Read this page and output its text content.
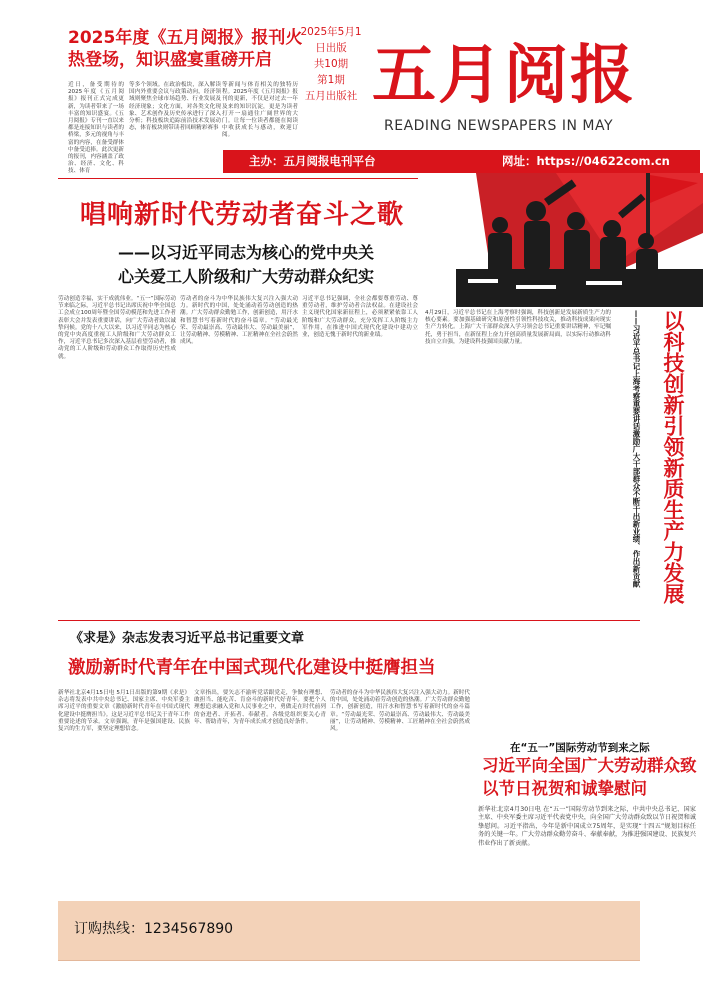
2025年度《五月阅报》报刊火热登场，知识盛宴重磅开启
近日，备受期待的2025年度《五月阅报》报刊正式完成更新，为读者带来了一场丰富的知识盛宴。《五月阅报》专刊一直以来都是连接知识与读者的桥梁，多元的视角与丰富的内容，在备受群体中备受追捧。此次更新的报刊，内容涵盖了政治、经济、文化、科技、体育
等多个领域。在政治板块，深入解读国内外重要会议与政策动向，经济领域则聚焦全球市场趋势、行业发展及经济现象；文化方面，对各类文化现象、艺术创作及历史传承进行了深入分析；科技板块追踪前沿技术发展动态，体育板块则带读者回顾精彩赛事
等新闻与体育相关的独特历程。2025年度《五月阅报》报刊的更新，不仅是对过去一年及来的知识沉淀，更是为读者打开一扇通往广阔世界的大门。让每一位读者都能在阅读中收获成长与感动，欢迎订阅。
2025年5月1日出版
共10期
第1期
五月出版社 五月阅报
READING NEWSPAPERS IN MAY
主办：五月阅报电刊平台	网址：https://04622com.cn
唱响新时代劳动者奋斗之歌
——以习近平同志为核心的党中央关
心关爱工人阶级和广大劳动群众纪实
劳动创造幸福，实干成就伟业。“五一”国际劳动节来临之际，习近平总书记出席庆祝中华全国总工会成立100周年暨全国劳动模范和先进工作者表彰大会并发表重要讲话，向广大劳动者致以诚挚问候。党的十八大以来，以习近平同志为核心的党中央高度重视工人阶级和广大劳动群众工作，习近平总书记多次深入基层看望劳动者，推动党的工人阶级和劳动群众工作取得历史性成就。
劳动者的奋斗为中华民族伟大复兴注入强大动力。新时代的中国，处处涌动着劳动创造的热潮。广大劳动群众勤勉工作，创新创造，用汗水和智慧书写着新时代的奋斗篇章。“劳动最光荣、劳动最崇高、劳动最伟大、劳动最美丽”，让劳动精神、劳模精神、工匠精神在全社会蔚然成风。
习近平总书记强调，全社会都要尊重劳动、尊重劳动者，维护劳动者合法权益。在建设社会主义现代化国家新征程上，必须紧紧依靠工人阶级和广大劳动群众，充分发挥工人阶级主力军作用，在推进中国式现代化建设中建功立业，创造无愧于新时代的新业绩。
4月29日，习近平总书记在上海考察时强调，科技创新是发展新质生产力的核心要素。要加强基础研究和原创性引领性科技攻关，推动科技成果向现实生产力转化。上海广大干部群众深入学习领会总书记重要讲话精神，牢记嘱托，勇于担当，在新征程上奋力开创高质量发展新局面，以实际行动推动科技自立自强，为建设科技强国贡献力量。	——习近平总书记上海考察重要讲话激励广大干部群众不断干出新业绩、作出新贡献 以科技创新引领新质生产力发展
《求是》杂志发表习近平总书记重要文章
激励新时代青年在中国式现代化建设中挺膺担当
新华社北京4月15日电 5月1日出版的第9期《求是》杂志将发表中共中央总书记、国家主席、中央军委主席习近平的重要文章《激励新时代青年在中国式现代化建设中挺膺担当》。这是习近平总书记关于青年工作重要论述的节录。文章强调，青年是强国建设、民族复兴的生力军，要坚定理想信念。
文章指出，要矢志不渝听党话跟党走，争做有理想、敢担当、能吃苦、肯奋斗的新时代好青年。要把个人理想追求融入党和人民事业之中，勇做走在时代前列的奋进者、开拓者、奉献者。各级党组织要关心青年、帮助青年，为青年成长成才创造良好条件。
劳动者的奋斗为中华民族伟大复兴注入强大动力。新时代的中国，处处涌动着劳动创造的热潮。广大劳动群众勤勉工作，创新创造，用汗水和智慧书写着新时代的奋斗篇章。“劳动最光荣、劳动最崇高、劳动最伟大、劳动最美丽”，让劳动精神、劳模精神、工匠精神在全社会蔚然成风。
在“五一”国际劳动节到来之际
习近平向全国广大劳动群众致以节日祝贺和诚挚慰问
新华社北京4月30日电 在“五一”国际劳动节到来之际，中共中央总书记、国家主席、中央军委主席习近平代表党中央，向全国广大劳动群众致以节日祝贺和诚挚慰问。习近平指出，今年是新中国成立75周年，是实现“十四五”规划目标任务的关键一年。广大劳动群众勤劳奋斗、奉献奉献，为推进强国建设、民族复兴伟业作出了新贡献。
订购热线：1234567890
